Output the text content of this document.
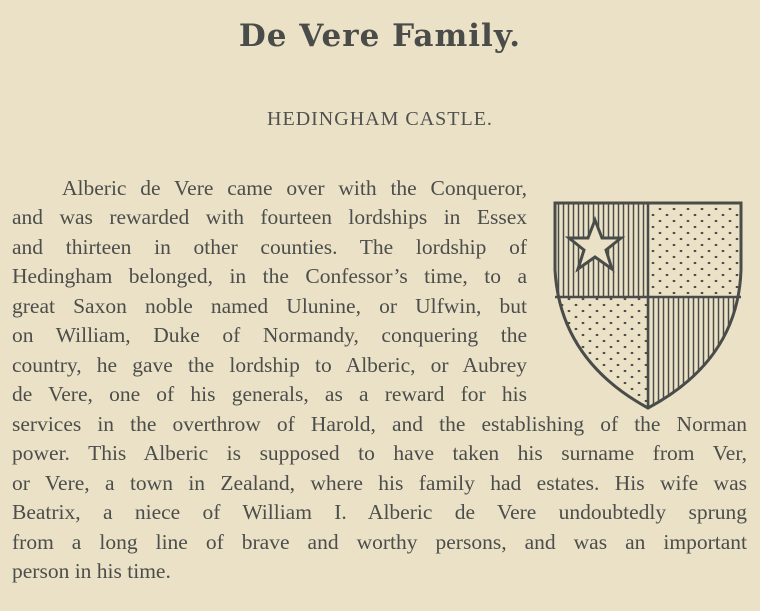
De Vere Family.
HEDINGHAM CASTLE.
Alberic de Vere came over with the Conqueror,
and was rewarded with fourteen lordships in Essex
and thirteen in other counties. The lordship of
Hedingham belonged, in the Confessor’s time, to a
great Saxon noble named Ulunine, or Ulfwin, but
on William, Duke of Normandy, conquering the
country, he gave the lordship to Alberic, or Aubrey
de Vere, one of his generals, as a reward for his
services in the overthrow of Harold, and the establishing of the Norman
power. This Alberic is supposed to have taken his surname from Ver,
or Vere, a town in Zealand, where his family had estates. His wife was
Beatrix, a niece of William I. Alberic de Vere undoubtedly sprung
from a long line of brave and worthy persons, and was an important
person in his time.
